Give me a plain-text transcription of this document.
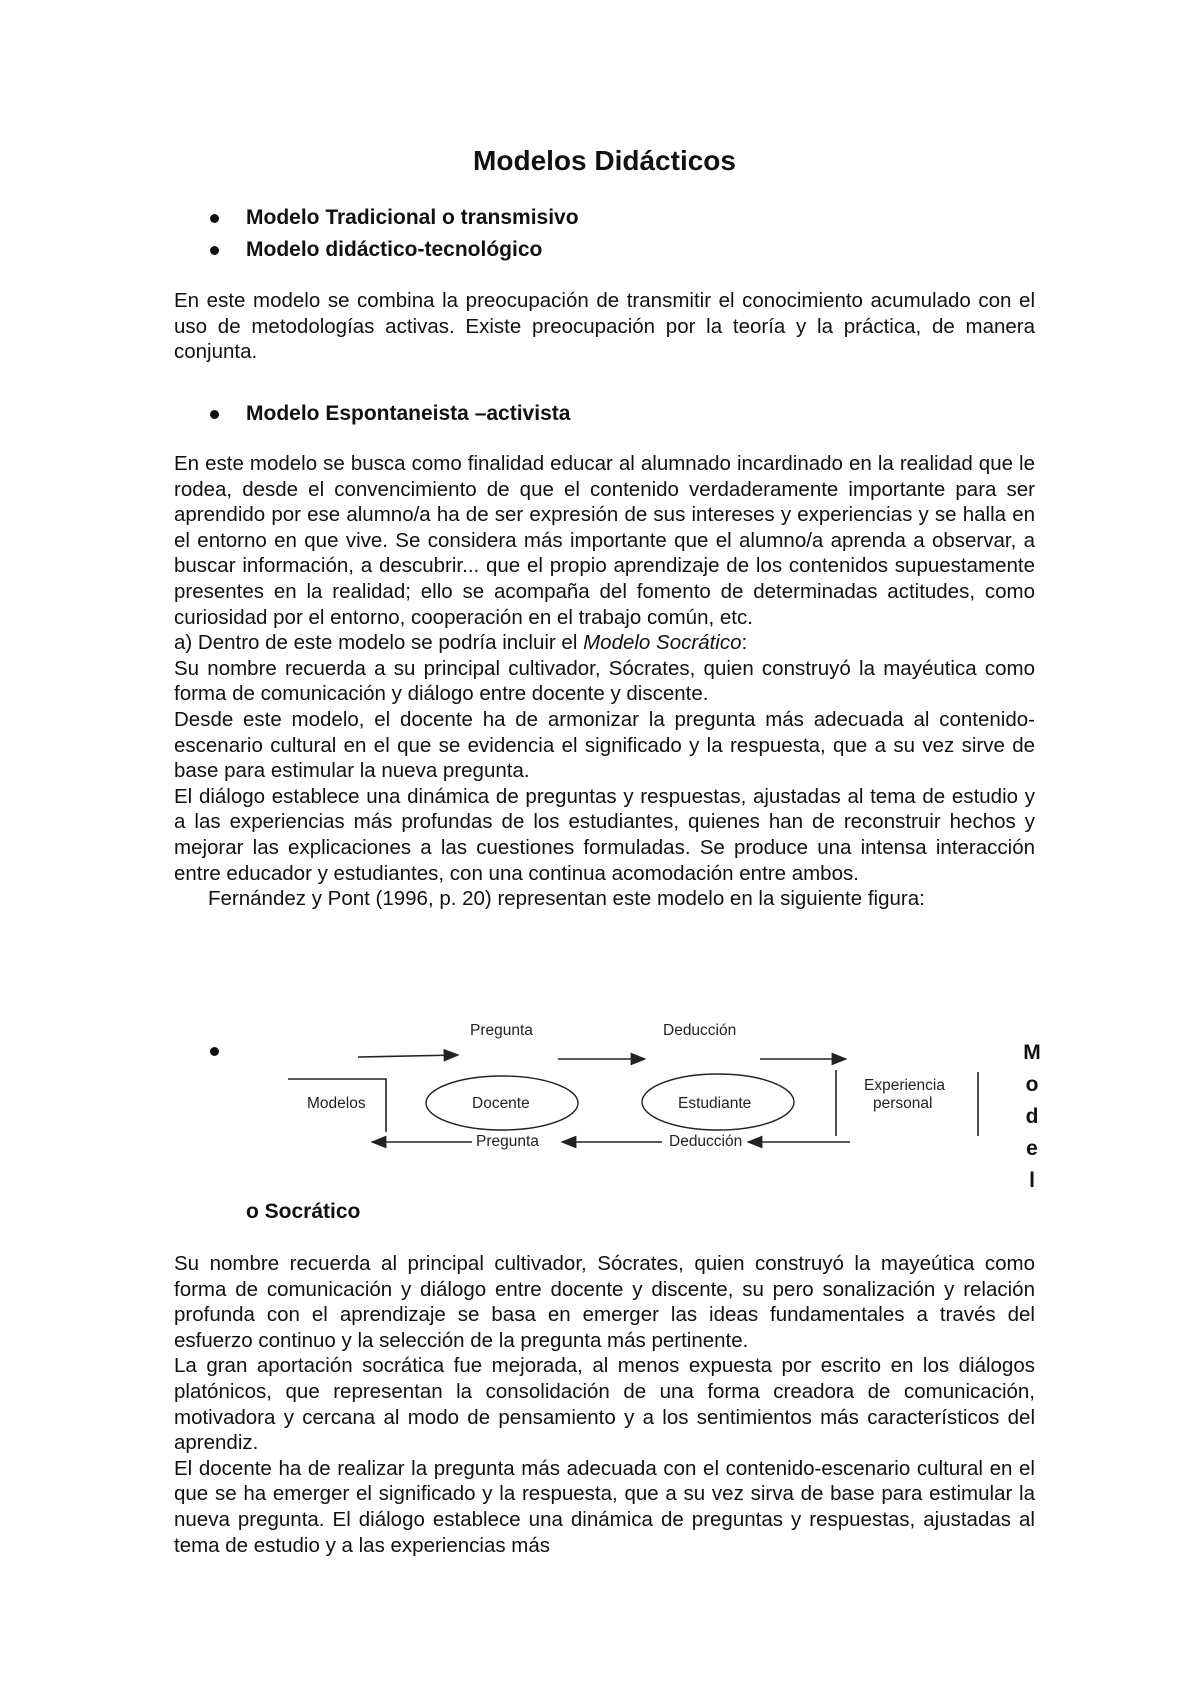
Modelos Didácticos
Modelo Tradicional o transmisivo
Modelo didáctico-tecnológico

En este modelo se combina la preocupación de transmitir el conocimiento acumulado con el uso de metodologías activas. Existe preocupación por la teoría y la práctica, de manera conjunta.

Modelo Espontaneista –activista

En este modelo se busca como finalidad educar al alumnado incardinado en la realidad que le rodea, desde el convencimiento de que el contenido verdaderamente importante para ser aprendido por ese alumno/a ha de ser expresión de sus intereses y experiencias y se halla en el entorno en que vive. Se considera más importante que el alumno/a aprenda a observar, a buscar información, a descubrir... que el propio aprendizaje de los contenidos supuestamente presentes en la realidad; ello se acompaña del fomento de determinadas actitudes, como curiosidad por el entorno, cooperación en el trabajo común, etc.

a) Dentro de este modelo se podría incluir el Modelo Socrático:

Su nombre recuerda a su principal cultivador, Sócrates, quien construyó la mayéutica como forma de comunicación y diálogo entre docente y discente.

Desde este modelo, el docente ha de armonizar la pregunta más adecuada al contenido-escenario cultural en el que se evidencia el significado y la respuesta, que a su vez sirve de base para estimular la nueva pregunta.

El diálogo establece una dinámica de preguntas y respuestas, ajustadas al tema de estudio y a las experiencias más profundas de los estudiantes, quienes han de reconstruir hechos y mejorar las explicaciones a las cuestiones formuladas. Se produce una intensa interacción entre educador y estudiantes, con una continua acomodación entre ambos.

Fernández y Pont (1996, p. 20) representan este modelo en la siguiente figura:

Pregunta	Deducción
Modelos	Docente	Estudiante
Experiencia
personal
Pregunta	Deducción
M
o
d
e
l
o Socrático

Su nombre recuerda al principal cultivador, Sócrates, quien construyó la mayeútica como forma de comunicación y diálogo entre docente y discente, su pero sonalización y relación profunda con el aprendizaje se basa en emerger las ideas fundamentales a través del esfuerzo continuo y la selección de la pregunta más pertinente.

La gran aportación socrática fue mejorada, al menos expuesta por escrito en los diálogos platónicos, que representan la consolidación de una forma creadora de comunicación, motivadora y cercana al modo de pensamiento y a los sentimientos más característicos del aprendiz.

El docente ha de realizar la pregunta más adecuada con el contenido-escenario cultural en el que se ha emerger el significado y la respuesta, que a su vez sirva de base para estimular la nueva pregunta. El diálogo establece una dinámica de preguntas y respuestas, ajustadas al tema de estudio y a las experiencias más
